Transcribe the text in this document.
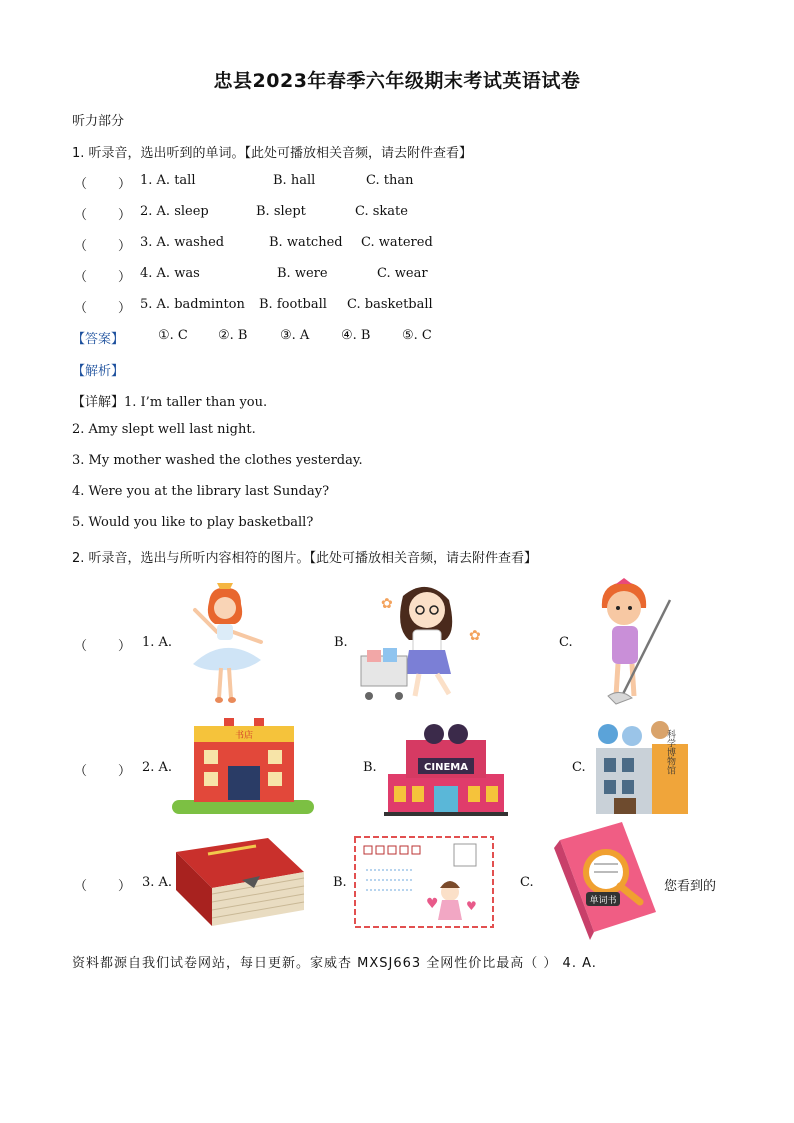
忠县2023年春季六年级期末考试英语试卷
听力部分
1. 听录音，选出听到的单词。【此处可播放相关音频，请去附件查看】
（ ） 1. A. tall	B. hall	C. than
（ ） 2. A. sleep	B. slept	C. skate
（ ） 3. A. washed	B. watched C. watered
（ ） 4. A. was	B. were	C. wear
（ ） 5. A. badminton B. football C. basketball
【答案】	①. C ②. B	③. A ④. B ⑤. C
【解析】
【详解】1. I’m taller than you.
2. Amy slept well last night.
3. My mother washed the clothes yesterday.
4. Were you at the library last Sunday?
5. Would you like to play basketball?
2. 听录音，选出与所听内容相符的图片。【此处可播放相关音频，请去附件查看】
（ ） 1. A.	B.	C.
✿
✿
（ ） 2. A.	B.	C.
书店
CINEMA	科学博物馆
（ ） 3. A.	B.	C.	您看到的
♥ ♥	单词书
资料都源自我们试卷网站，每日更新。家威杏 MXSJ663 全网性价比最高（ ） 4. A.
